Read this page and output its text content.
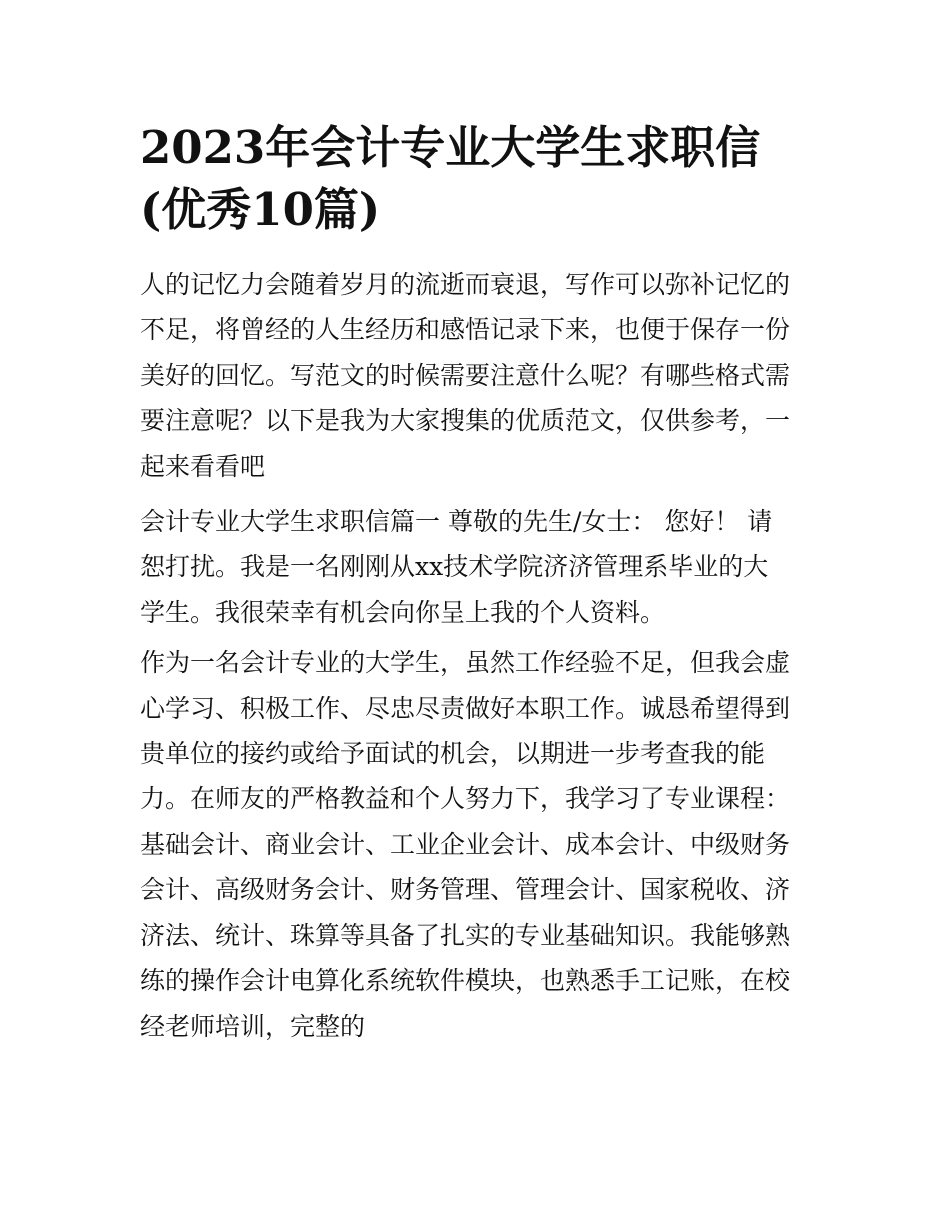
2023年会计专业大学生求职信(优秀10篇)

人的记忆力会随着岁月的流逝而衰退，写作可以弥补记忆的不足，将曾经的人生经历和感悟记录下来，也便于保存一份美好的回忆。写范文的时候需要注意什么呢？有哪些格式需要注意呢？以下是我为大家搜集的优质范文，仅供参考，一起来看看吧

会计专业大学生求职信篇一 尊敬的先生/女士： 您好！ 请恕打扰。我是一名刚刚从xx技术学院济济管理系毕业的大学生。我很荣幸有机会向你呈上我的个人资料。

作为一名会计专业的大学生，虽然工作经验不足，但我会虚心学习、积极工作、尽忠尽责做好本职工作。诚恳希望得到贵单位的接约或给予面试的机会，以期进一步考查我的能力。在师友的严格教益和个人努力下，我学习了专业课程：基础会计、商业会计、工业企业会计、成本会计、中级财务会计、高级财务会计、财务管理、管理会计、国家税收、济济法、统计、珠算等具备了扎实的专业基础知识。我能够熟练的操作会计电算化系统软件模块，也熟悉手工记账，在校经老师培训，完整的
